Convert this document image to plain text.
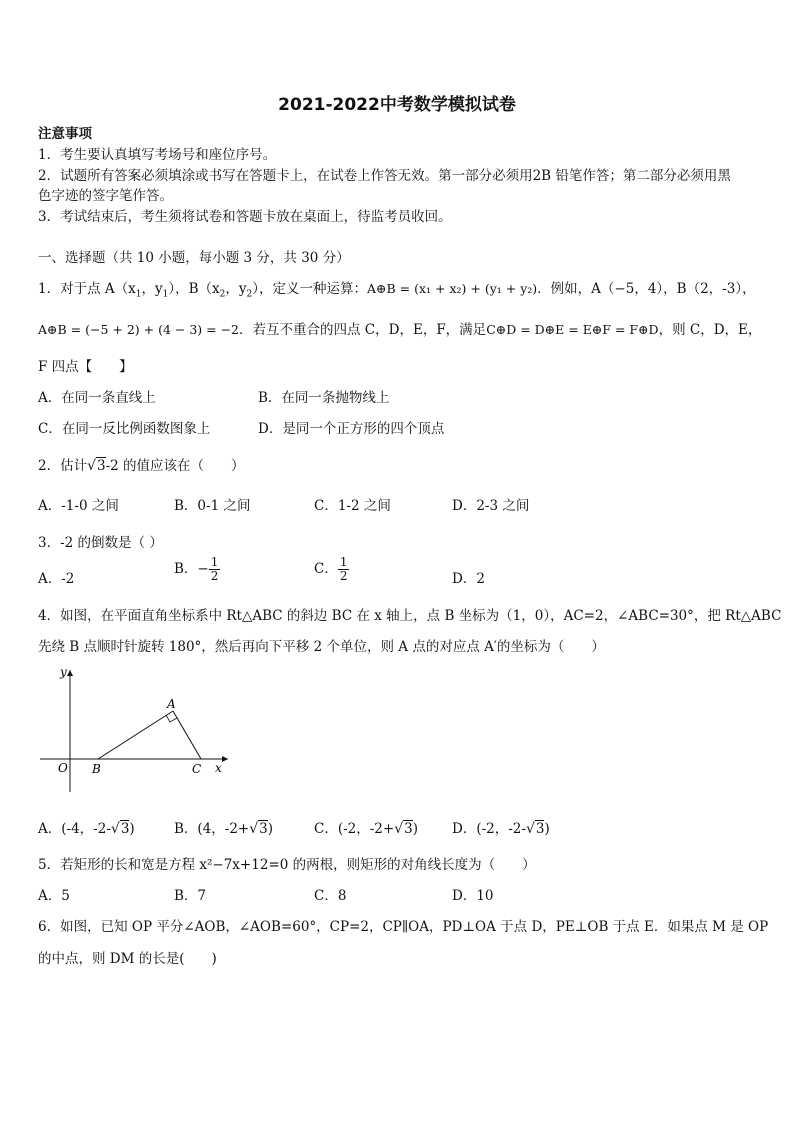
2021-2022中考数学模拟试卷
注意事项
1．考生要认真填写考场号和座位序号。
2．试题所有答案必须填涂或书写在答题卡上，在试卷上作答无效。第一部分必须用2B 铅笔作答；第二部分必须用黑
色字迹的签字笔作答。
3．考试结束后，考生须将试卷和答题卡放在桌面上，待监考员收回。
一、选择题（共 10 小题，每小题 3 分，共 30 分）
1．对于点 $A(x_1$，$y_1$），$B(x_2$，$y_2$），定义一种运算：A⊕B = (x₁ + x₂) + (y₁ + y₂)．例如，A（−5，4），B（2，-3），
A⊕B = (−5 + 2) + (4 − 3) = −2．若互不重合的四点 C，D，E，F，满足C⊕D = D⊕E = E⊕F = F⊕D，则 C，D，E，
F 四点【　　】
A．在同一条直线上	B．在同一条抛物线上
C．在同一反比例函数图象上	D．是同一个正方形的四个顶点
2．估计√3-2 的值应该在（　　）
A．-1-0 之间	B．0-1 之间	C．1-2 之间	D．2-3 之间
3．-2 的倒数是（ ）
A．-2
B．− $\frac{1}{2}$	C． $\frac{1}{2}$	D．2
4．如图，在平面直角坐标系中 Rt△ABC 的斜边 BC 在 x 轴上，点 B 坐标为（1，0），AC=2，∠ABC=30°，把 Rt△ABC
先绕 B 点顺时针旋转 180°，然后再向下平移 2 个单位，则 A 点的对应点 A′的坐标为（　　）
y
x
O B	C
A
A．(-4，-2-√3)	B．(4，-2+√3)	C．(-2，-2+√3)	D．(-2，-2-√3)
5．若矩形的长和宽是方程 x²−7x+12=0 的两根，则矩形的对角线长度为（　　）
A．5	B．7	C．8	D．10
6．如图，已知 OP 平分∠AOB，∠AOB=60°，CP=2，CP∥OA，PD⊥OA 于点 D，PE⊥OB 于点 E．如果点 M 是 OP
的中点，则 DM 的长是(　　)
